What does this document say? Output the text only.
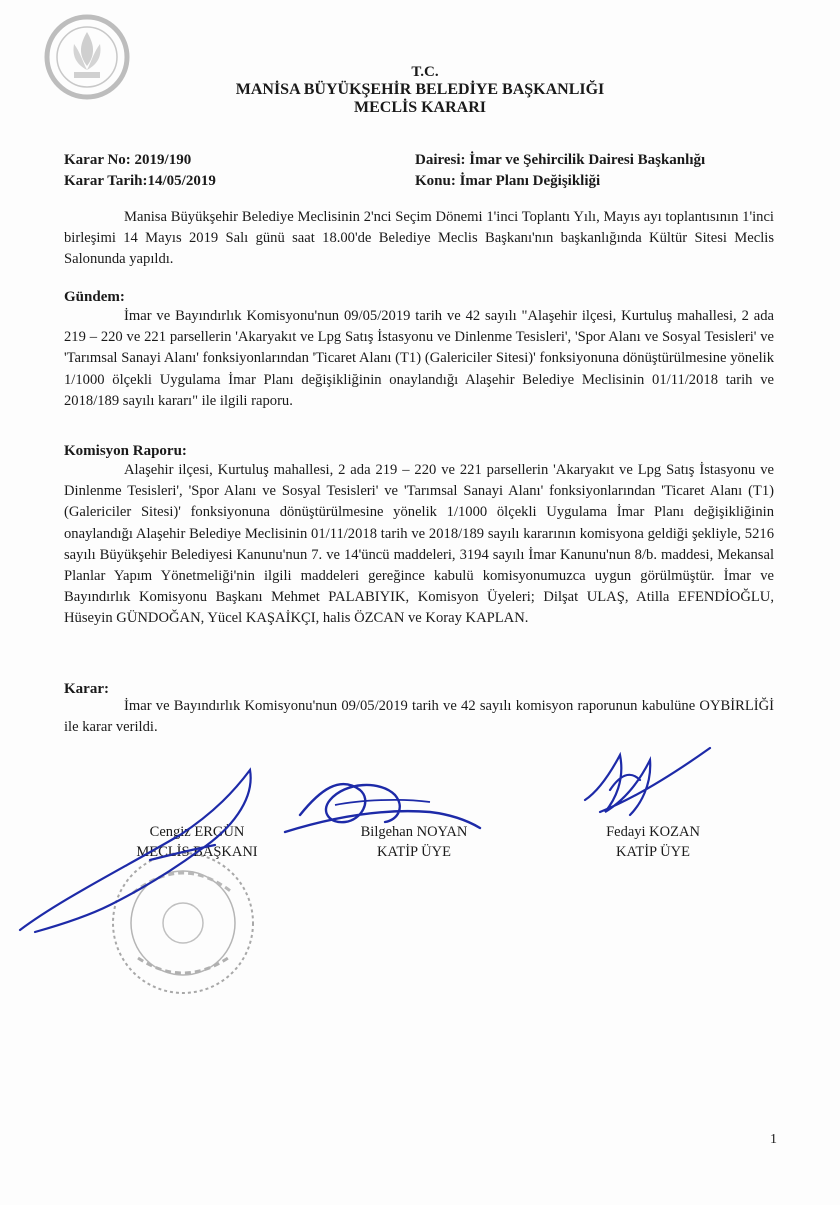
T.C.
MANİSA BÜYÜKŞEHİR BELEDİYE BAŞKANLIĞI
MECLİS KARARI
Karar No: 2019/190
Karar Tarih:14/05/2019
Dairesi: İmar ve Şehircilik Dairesi Başkanlığı
Konu: İmar Planı Değişikliği
Manisa Büyükşehir Belediye Meclisinin 2'nci Seçim Dönemi 1'inci Toplantı Yılı, Mayıs ayı toplantısının 1'inci birleşimi 14 Mayıs 2019 Salı günü saat 18.00'de Belediye Meclis Başkanı'nın başkanlığında Kültür Sitesi Meclis Salonunda yapıldı.
Gündem:
İmar ve Bayındırlık Komisyonu'nun 09/05/2019 tarih ve 42 sayılı "Alaşehir ilçesi, Kurtuluş mahallesi, 2 ada 219 – 220 ve 221 parsellerin 'Akaryakıt ve Lpg Satış İstasyonu ve Dinlenme Tesisleri', 'Spor Alanı ve Sosyal Tesisleri' ve 'Tarımsal Sanayi Alanı' fonksiyonlarından 'Ticaret Alanı (T1) (Galericiler Sitesi)' fonksiyonuna dönüştürülmesine yönelik 1/1000 ölçekli Uygulama İmar Planı değişikliğinin onaylandığı Alaşehir Belediye Meclisinin 01/11/2018 tarih ve 2018/189 sayılı kararı" ile ilgili raporu.
Komisyon Raporu:
Alaşehir ilçesi, Kurtuluş mahallesi, 2 ada 219 – 220 ve 221 parsellerin 'Akaryakıt ve Lpg Satış İstasyonu ve Dinlenme Tesisleri', 'Spor Alanı ve Sosyal Tesisleri' ve 'Tarımsal Sanayi Alanı' fonksiyonlarından 'Ticaret Alanı (T1) (Galericiler Sitesi)' fonksiyonuna dönüştürülmesine yönelik 1/1000 ölçekli Uygulama İmar Planı değişikliğinin onaylandığı Alaşehir Belediye Meclisinin 01/11/2018 tarih ve 2018/189 sayılı kararının komisyona geldiği şekliyle, 5216 sayılı Büyükşehir Belediyesi Kanunu'nun 7. ve 14'üncü maddeleri, 3194 sayılı İmar Kanunu'nun 8/b. maddesi, Mekansal Planlar Yapım Yönetmeliği'nin ilgili maddeleri gereğince kabulü komisyonumuzca uygun görülmüştür. İmar ve Bayındırlık Komisyonu Başkanı Mehmet PALABIYIK, Komisyon Üyeleri; Dilşat ULAŞ, Atilla EFENDİOĞLU, Hüseyin GÜNDOĞAN, Yücel KAŞAİKÇI, halis ÖZCAN ve Koray KAPLAN.
Karar:
İmar ve Bayındırlık Komisyonu'nun 09/05/2019 tarih ve 42 sayılı komisyon raporunun kabulüne OYBİRLİĞİ ile karar verildi.
Cengiz ERGÜN
MECLİS BAŞKANI
Bilgehan NOYAN
KATİP ÜYE
Fedayi KOZAN
KATİP ÜYE
1
